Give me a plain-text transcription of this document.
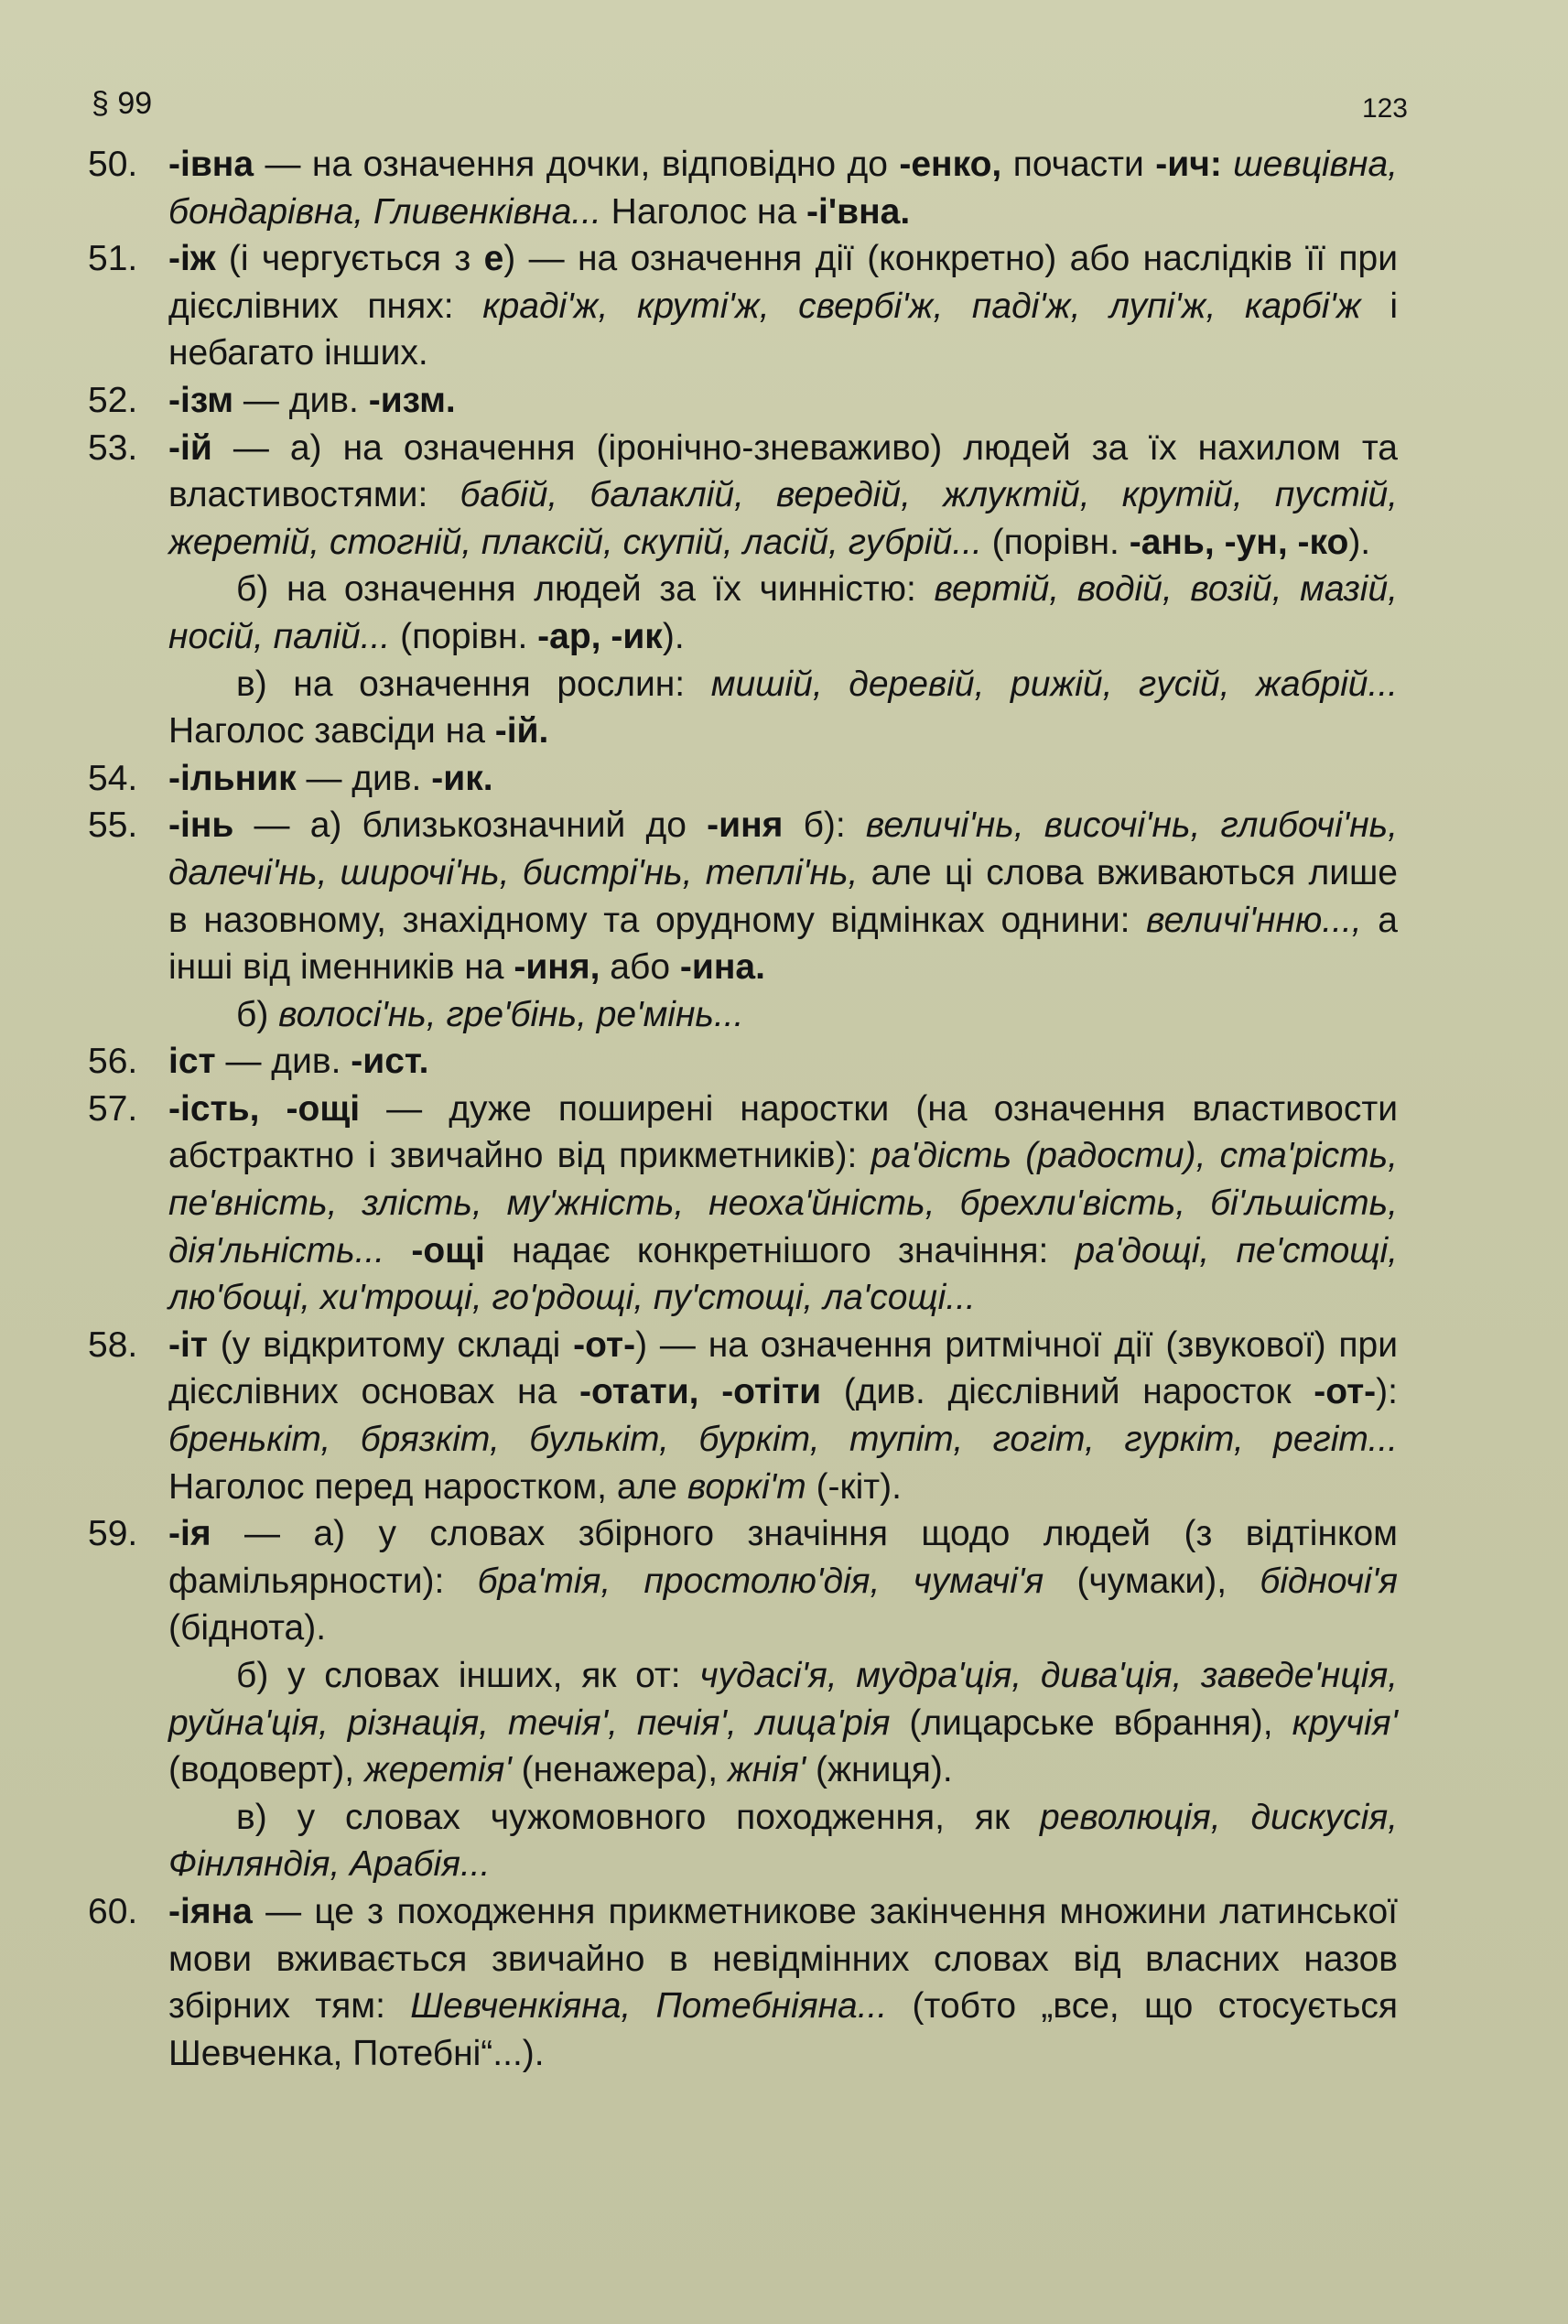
§ 99	123
50. -івна — на означення дочки, відповідно до -енко, почасти -ич: шевцівна, бондарівна, Гливенківна... Наголос на -і'вна.
51. -іж (і чергується з е) — на означення дії (конкретно) або наслідків її при дієслівних пнях: краді'ж, круті'ж, свербі'ж, паді'ж, лупі'ж, карбі'ж і небагато інших.
52. -ізм — див. -изм.
53. -ій — а) на означення (іронічно-зневаживо) людей за їх нахилом та властивостями: бабій, балаклій, вередій, жлуктій, крутій, пустій, жеретій, стогній, плаксій, скупій, ласій, губрій... (порівн. -ань, -ун, -ко).
б) на означення людей за їх чинністю: вертій, водій, возій, мазій, носій, палій... (порівн. -ар, -ик).
в) на означення рослин: мишій, деревій, рижій, гусій, жабрій... Наголос завсіди на -ій.
54. -ільник — див. -ик.
55. -інь — а) близькозначний до -иня б): величі'нь, височі'нь, глибочі'нь, далечі'нь, широчі'нь, бистрі'нь, теплі'нь, але ці слова вживаються лише в назовному, знахідному та орудному відмінках однини: величі'нню..., а інші від іменників на -иня, або -ина.
б) волосі'нь, гре'бінь, ре'мінь...
56. іст — див. -ист.
57. -ість, -ощі — дуже поширені наростки (на означення властивости абстрактно і звичайно від прикметників): ра'дість (радости), ста'рість, пе'вність, злість, му'жність, неоха'йність, брехли'вість, бі'льшість, дія'льність... -ощі надає конкретнішого значіння: ра'дощі, пе'стощі, лю'бощі, хи'трощі, го'рдощі, пу'стощі, ла'сощі...
58. -іт (у відкритому складі -от-) — на означення ритмічної дії (звукової) при дієслівних основах на -отати, -отіти (див. дієслівний наросток -от-): бренькіт, брязкіт, булькіт, буркіт, тупіт, гогіт, гуркіт, регіт... Наголос перед наростком, але воркі'т (-кіт).
59. -ія — а) у словах збірного значіння щодо людей (з відтінком фамільярности): бра'тія, простолю'дія, чумачі'я (чумаки), бідночі'я (біднота).
б) у словах інших, як от: чудасі'я, мудра'ція, дива'ція, заведе'нція, руйна'ція, різнація, течія', печія', лица'рія (лицарське вбрання), кручія' (водоверт), жеретія' (ненажера), жнія' (жниця).
в) у словах чужомовного походження, як революція, дискусія, Фінляндія, Арабія...
60. -іяна — це з походження прикметникове закінчення множини латинської мови вживається звичайно в невідмінних словах від власних назов збірних тям: Шевченкіяна, Потебніяна... (тобто „все, що стосується Шевченка, Потебні“...).
